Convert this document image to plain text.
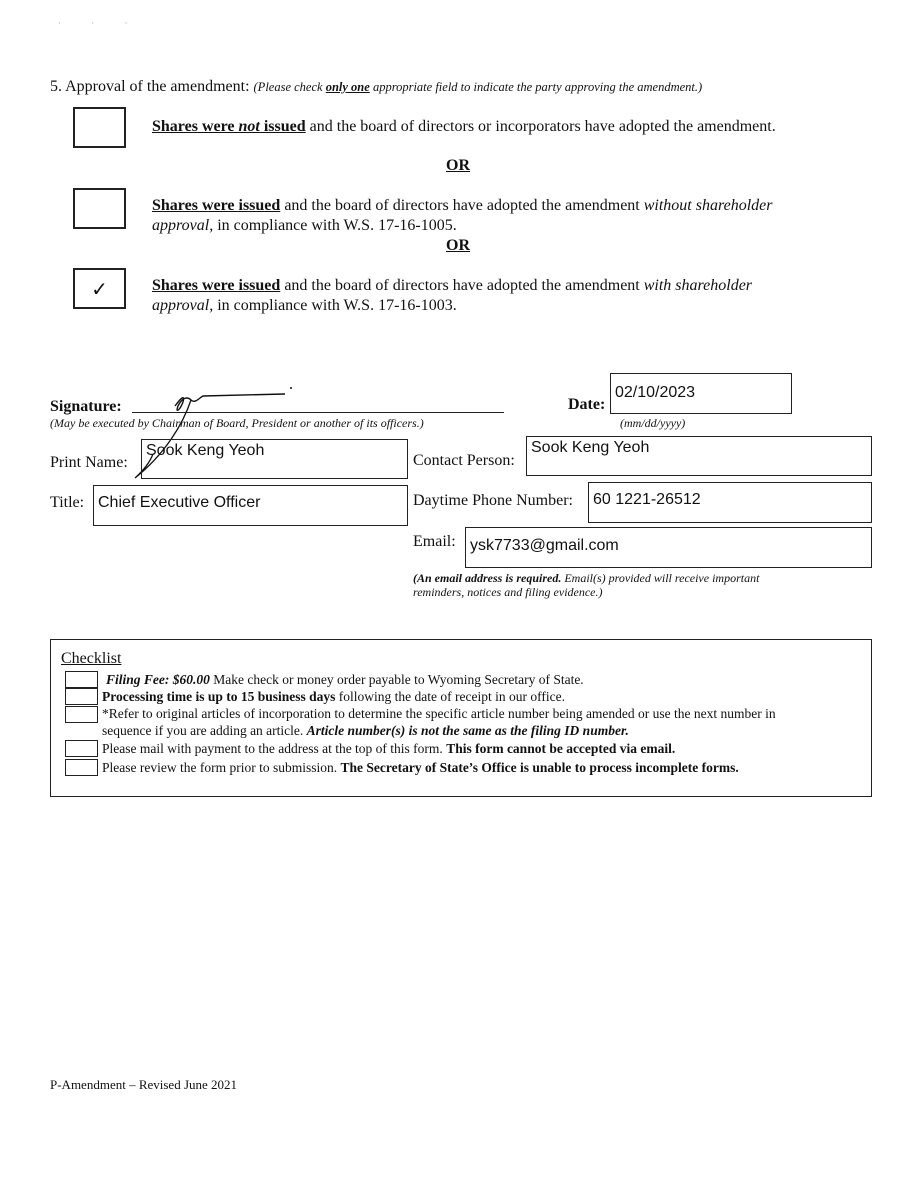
· · ·
5. Approval of the amendment: (Please check only one appropriate field to indicate the party approving the amendment.)
Shares were not issued and the board of directors or incorporators have adopted the amendment.
OR
Shares were issued and the board of directors have adopted the amendment without shareholder
approval, in compliance with W.S. 17-16-1005.
OR
✓	Shares were issued and the board of directors have adopted the amendment with shareholder
approval, in compliance with W.S. 17-16-1003.
Signature:
(May be executed by Chairman of Board, President or another of its officers.)
Date:
02/10/2023
(mm/dd/yyyy)
Print Name:
Sook Keng Yeoh
Contact Person:
Sook Keng Yeoh
Title: Chief Executive Officer	Daytime Phone Number:	60 1221-26512
Email: ysk7733@gmail.com
(An email address is required. Email(s) provided will receive important
reminders, notices and filing evidence.)
Checklist
Filing Fee: $60.00 Make check or money order payable to Wyoming Secretary of State.
Processing time is up to 15 business days following the date of receipt in our office.
*Refer to original articles of incorporation to determine the specific article number being amended or use the next number in
sequence if you are adding an article. Article number(s) is not the same as the filing ID number.
Please mail with payment to the address at the top of this form. This form cannot be accepted via email.
Please review the form prior to submission. The Secretary of State’s Office is unable to process incomplete forms.
P-Amendment – Revised June 2021
